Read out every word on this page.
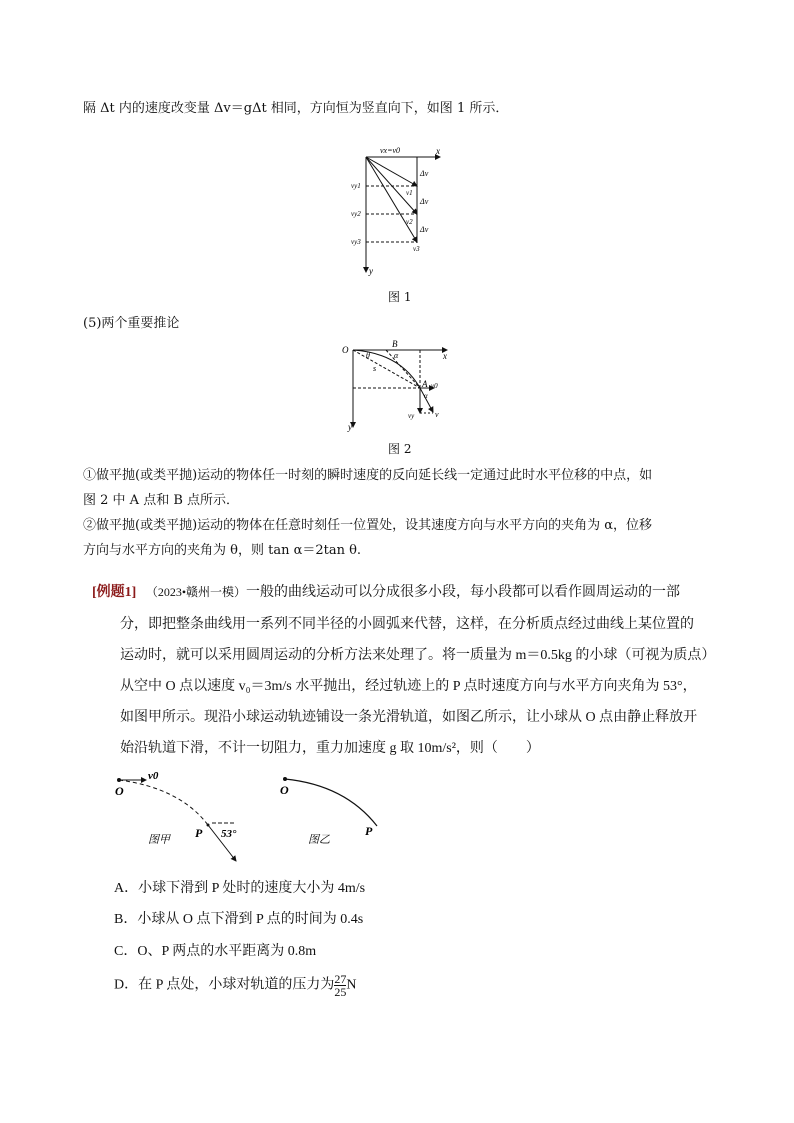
隔 Δt 内的速度改变量 Δv＝gΔt 相同，方向恒为竖直向下，如图 1 所示．
vx=v0	x
y
vy1
vy2
vy3
v1
v2
v3
Δv
Δv
Δv
图 1
(5)两个重要推论
O
B
x
y
θ	α
s
A
α
v0
vy	v
图 2
①做平抛(或类平抛)运动的物体任一时刻的瞬时速度的反向延长线一定通过此时水平位移的中点，如
图 2 中 A 点和 B 点所示．
②做平抛(或类平抛)运动的物体在任意时刻任一位置处，设其速度方向与水平方向的夹角为 α，位移
方向与水平方向的夹角为 θ，则 tan α＝2tan θ.
[例题1] （2023•赣州一模）一般的曲线运动可以分成很多小段，每小段都可以看作圆周运动的一部
分，即把整条曲线用一系列不同半径的小圆弧来代替，这样，在分析质点经过曲线上某位置的
运动时，就可以采用圆周运动的分析方法来处理了。将一质量为 m＝0.5kg 的小球（可视为质点）
从空中 O 点以速度 v₀＝3m/s 水平抛出，经过轨迹上的 P 点时速度方向与水平方向夹角为 53°，
如图甲所示。现沿小球运动轨迹铺设一条光滑轨道，如图乙所示，让小球从 O 点由静止释放开
始沿轨道下滑，不计一切阻力，重力加速度 g 取 10m/s²，则（　　）
O
v0
P 53°
图甲
O
P
图乙
A．小球下滑到 P 处时的速度大小为 4m/s
B．小球从 O 点下滑到 P 点的时间为 0.4s
C．O、P 两点的水平距离为 0.8m
D．在 P 点处，小球对轨道的压力为 $\frac{27}{25}$ N
